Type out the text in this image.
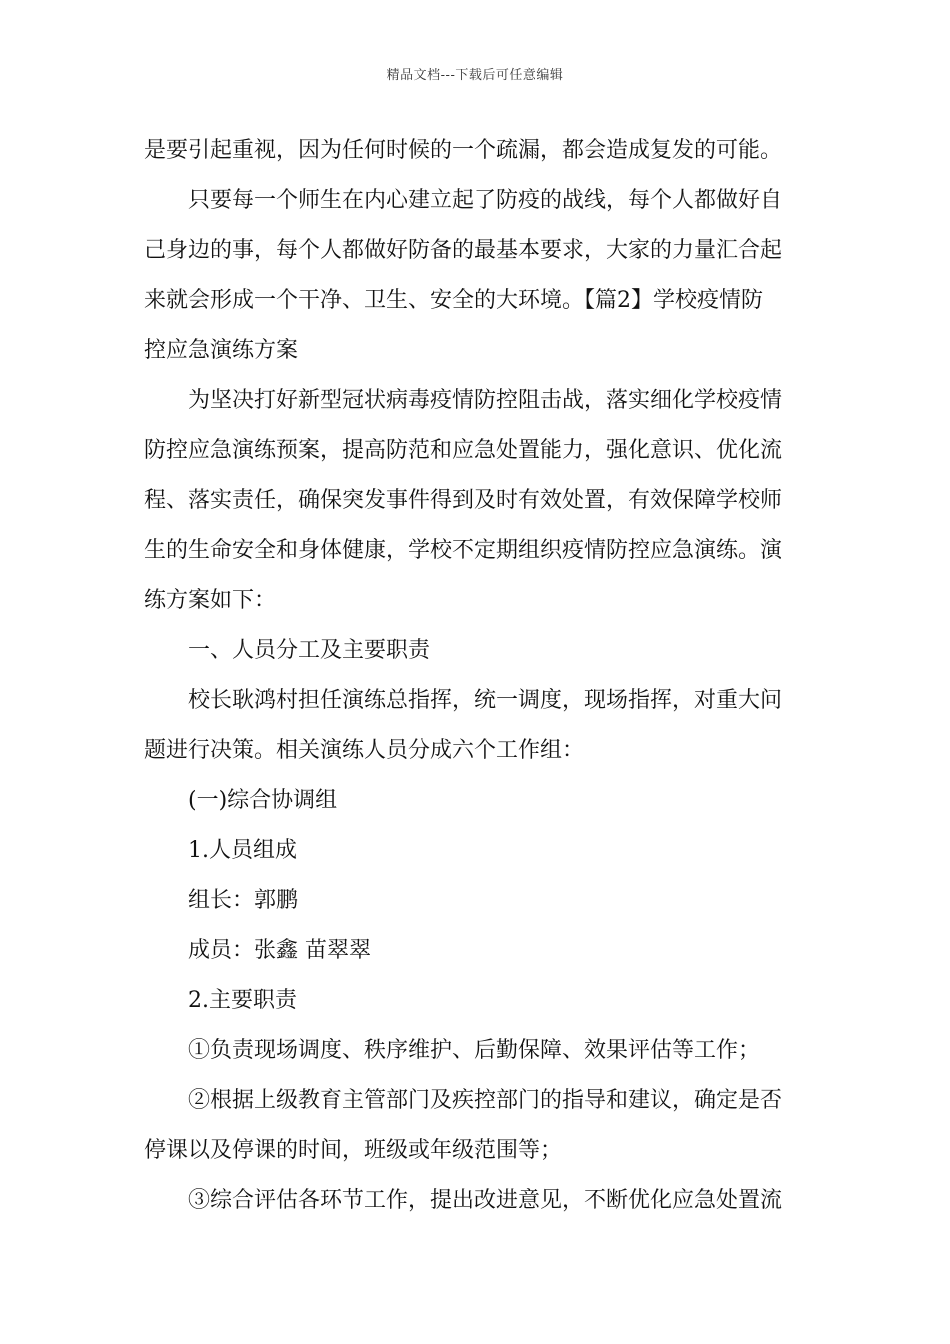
精品文档---下载后可任意编辑
是要引起重视，因为任何时候的一个疏漏，都会造成复发的可能。
只要每一个师生在内心建立起了防疫的战线，每个人都做好自
己身边的事，每个人都做好防备的最基本要求，大家的力量汇合起
来就会形成一个干净、卫生、安全的大环境。【篇2】学校疫情防
控应急演练方案
为坚决打好新型冠状病毒疫情防控阻击战，落实细化学校疫情
防控应急演练预案，提高防范和应急处置能力，强化意识、优化流
程、落实责任，确保突发事件得到及时有效处置，有效保障学校师
生的生命安全和身体健康，学校不定期组织疫情防控应急演练。演
练方案如下：
一、人员分工及主要职责
校长耿鸿村担任演练总指挥，统一调度，现场指挥，对重大问
题进行决策。相关演练人员分成六个工作组：
(一)综合协调组
1.人员组成
组长：郭鹏
成员：张鑫 苗翠翠
2.主要职责
①负责现场调度、秩序维护、后勤保障、效果评估等工作；
②根据上级教育主管部门及疾控部门的指导和建议，确定是否
停课以及停课的时间，班级或年级范围等；
③综合评估各环节工作，提出改进意见，不断优化应急处置流
